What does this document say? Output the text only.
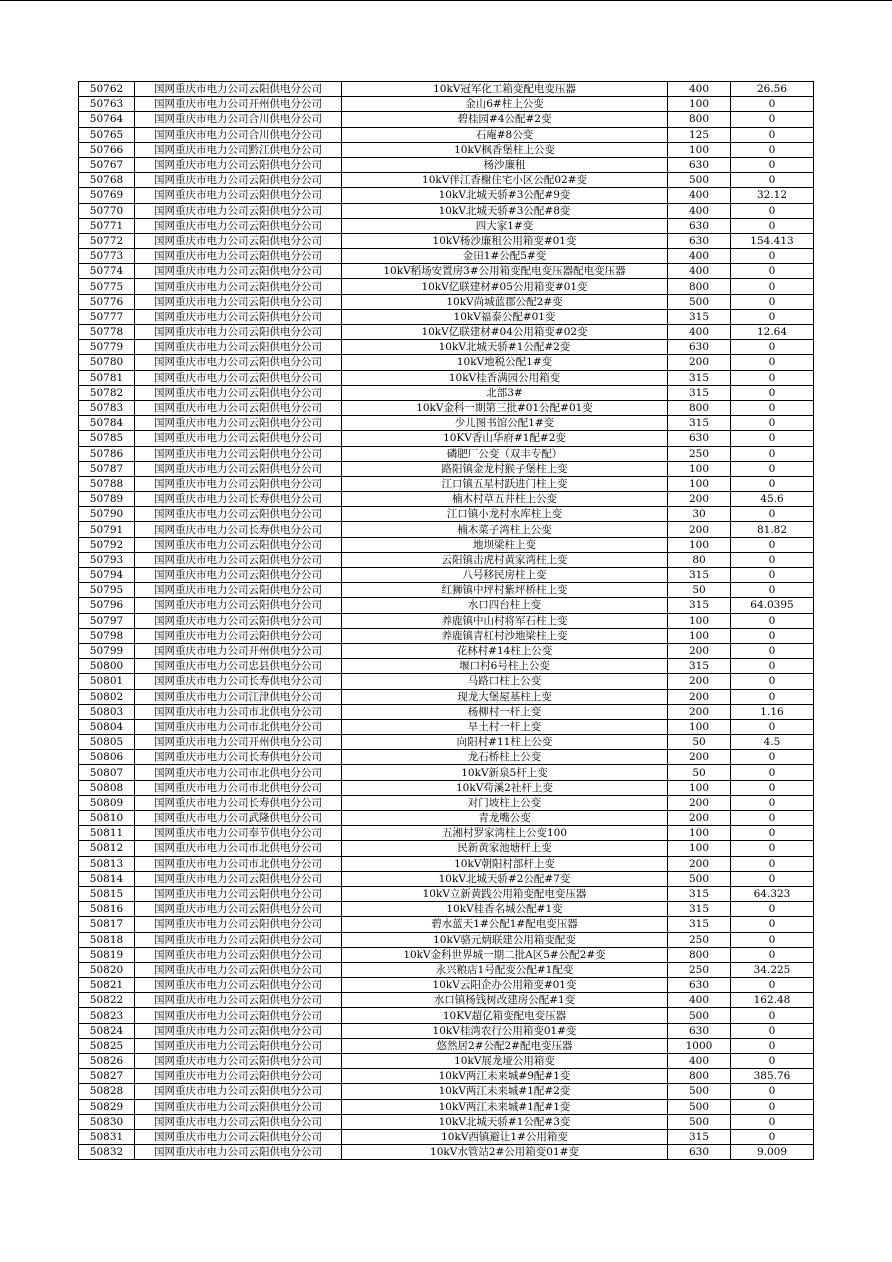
50762	国网重庆市电力公司云阳供电分公司	10kV冠军化工箱变配电变压器	400	26.56
50763	国网重庆市电力公司开州供电分公司	金山6#柱上公变	100	0
50764	国网重庆市电力公司合川供电分公司	碧桂园#4公配#2变	800	0
50765	国网重庆市电力公司合川供电分公司	石庵#8公变	125	0
50766	国网重庆市电力公司黔江供电分公司	10kV枫香堡柱上公变	100	0
50767	国网重庆市电力公司云阳供电分公司	杨沙廉租	630	0
50768	国网重庆市电力公司云阳供电分公司	10kV伴江香榭住宅小区公配02#变	500	0
50769	国网重庆市电力公司云阳供电分公司	10kV北城天骄#3公配#9变	400	32.12
50770	国网重庆市电力公司云阳供电分公司	10kV北城天骄#3公配#8变	400	0
50771	国网重庆市电力公司云阳供电分公司	四大家1#变	630	0
50772	国网重庆市电力公司云阳供电分公司	10kV杨沙廉租公用箱变#01变	630	154.413
50773	国网重庆市电力公司云阳供电分公司	金田1#公配5#变	400	0
50774	国网重庆市电力公司云阳供电分公司	10kV稻场安置房3#公用箱变配电变压器配电变压器	400	0
50775	国网重庆市电力公司云阳供电分公司	10kV亿联建材#05公用箱变#01变	800	0
50776	国网重庆市电力公司云阳供电分公司	10kV尚城蓝郡公配2#变	500	0
50777	国网重庆市电力公司云阳供电分公司	10kV福泰公配#01变	315	0
50778	国网重庆市电力公司云阳供电分公司	10kV亿联建材#04公用箱变#02变	400	12.64
50779	国网重庆市电力公司云阳供电分公司	10kV北城天骄#1公配#2变	630	0
50780	国网重庆市电力公司云阳供电分公司	10kV地税公配1#变	200	0
50781	国网重庆市电力公司云阳供电分公司	10kV桂香满园公用箱变	315	0
50782	国网重庆市电力公司云阳供电分公司	北部3#	315	0
50783	国网重庆市电力公司云阳供电分公司	10kV金科一期第三批#01公配#01变	800	0
50784	国网重庆市电力公司云阳供电分公司	少儿图书馆公配1#变	315	0
50785	国网重庆市电力公司云阳供电分公司	10KV香山华府#1配#2变	630	0
50786	国网重庆市电力公司云阳供电分公司	磷肥厂公变（双丰专配）	250	0
50787	国网重庆市电力公司云阳供电分公司	路阳镇金龙村猴子堡柱上变	100	0
50788	国网重庆市电力公司云阳供电分公司	江口镇五星村跃进门柱上变	100	0
50789	国网重庆市电力公司长寿供电分公司	楠木村草五井柱上公变	200	45.6
50790	国网重庆市电力公司云阳供电分公司	江口镇小龙村水库柱上变	30	0
50791	国网重庆市电力公司长寿供电分公司	楠木菜子湾柱上公变	200	81.82
50792	国网重庆市电力公司云阳供电分公司	地坝梁柱上变	100	0
50793	国网重庆市电力公司云阳供电分公司	云阳镇击虎村黄家湾柱上变	80	0
50794	国网重庆市电力公司云阳供电分公司	八号移民房柱上变	315	0
50795	国网重庆市电力公司云阳供电分公司	红狮镇中坪村紫坪桥柱上变	50	0
50796	国网重庆市电力公司云阳供电分公司	水口四台柱上变	315	64.0395
50797	国网重庆市电力公司云阳供电分公司	养鹿镇中山村将军石柱上变	100	0
50798	国网重庆市电力公司云阳供电分公司	养鹿镇青杠村沙地梁柱上变	100	0
50799	国网重庆市电力公司开州供电分公司	花林村#14柱上公变	200	0
50800	国网重庆市电力公司忠县供电分公司	堰口村6号柱上公变	315	0
50801	国网重庆市电力公司长寿供电分公司	马路口柱上公变	200	0
50802	国网重庆市电力公司江津供电分公司	现龙大堡屋基柱上变	200	0
50803	国网重庆市电力公司市北供电分公司	杨柳村一杆上变	200	1.16
50804	国网重庆市电力公司市北供电分公司	旱土村一杆上变	100	0
50805	国网重庆市电力公司开州供电分公司	向阳村#11柱上公变	50	4.5
50806	国网重庆市电力公司长寿供电分公司	龙石桥柱上公变	200	0
50807	国网重庆市电力公司市北供电分公司	10kV新泉5杆上变	50	0
50808	国网重庆市电力公司市北供电分公司	10kV苟溪2社杆上变	100	0
50809	国网重庆市电力公司长寿供电分公司	对门坡柱上公变	200	0
50810	国网重庆市电力公司武隆供电分公司	青龙嘴公变	200	0
50811	国网重庆市电力公司奉节供电分公司	五湘村罗家湾柱上公变100	100	0
50812	国网重庆市电力公司市北供电分公司	民新黄家池塘杆上变	100	0
50813	国网重庆市电力公司市北供电分公司	10kV朝阳村部杆上变	200	0
50814	国网重庆市电力公司云阳供电分公司	10kV北城天骄#2公配#7变	500	0
50815	国网重庆市电力公司云阳供电分公司	10kV立新黄践公用箱变配电变压器	315	64.323
50816	国网重庆市电力公司云阳供电分公司	10kV桂香名城公配#1变	315	0
50817	国网重庆市电力公司云阳供电分公司	碧水蓝天1#公配1#配电变压器	315	0
50818	国网重庆市电力公司云阳供电分公司	10kV骆元炳联建公用箱变配变	250	0
50819	国网重庆市电力公司云阳供电分公司	10kV金科世界城一期二批A区5#公配2#变	800	0
50820	国网重庆市电力公司云阳供电分公司	永兴粮店1号配变公配#1配变	250	34.225
50821	国网重庆市电力公司云阳供电分公司	10kV云阳企办公用箱变#01变	630	0
50822	国网重庆市电力公司云阳供电分公司	水口镇杨钱树改建房公配#1变	400	162.48
50823	国网重庆市电力公司云阳供电分公司	10KV超亿箱变配电变压器	500	0
50824	国网重庆市电力公司云阳供电分公司	10kV桂湾农行公用箱变01#变	630	0
50825	国网重庆市电力公司云阳供电分公司	悠然居2#公配2#配电变压器	1000	0
50826	国网重庆市电力公司云阳供电分公司	10kV展龙垭公用箱变	400	0
50827	国网重庆市电力公司云阳供电分公司	10kV两江未来城#9配#1变	800	385.76
50828	国网重庆市电力公司云阳供电分公司	10kV两江未来城#1配#2变	500	0
50829	国网重庆市电力公司云阳供电分公司	10kV两江未来城#1配#1变	500	0
50830	国网重庆市电力公司云阳供电分公司	10kV北城天骄#1公配#3变	500	0
50831	国网重庆市电力公司云阳供电分公司	10kV西镇避让1#公用箱变	315	0
50832	国网重庆市电力公司云阳供电分公司	10kV水管站2#公用箱变01#变	630	9.009
